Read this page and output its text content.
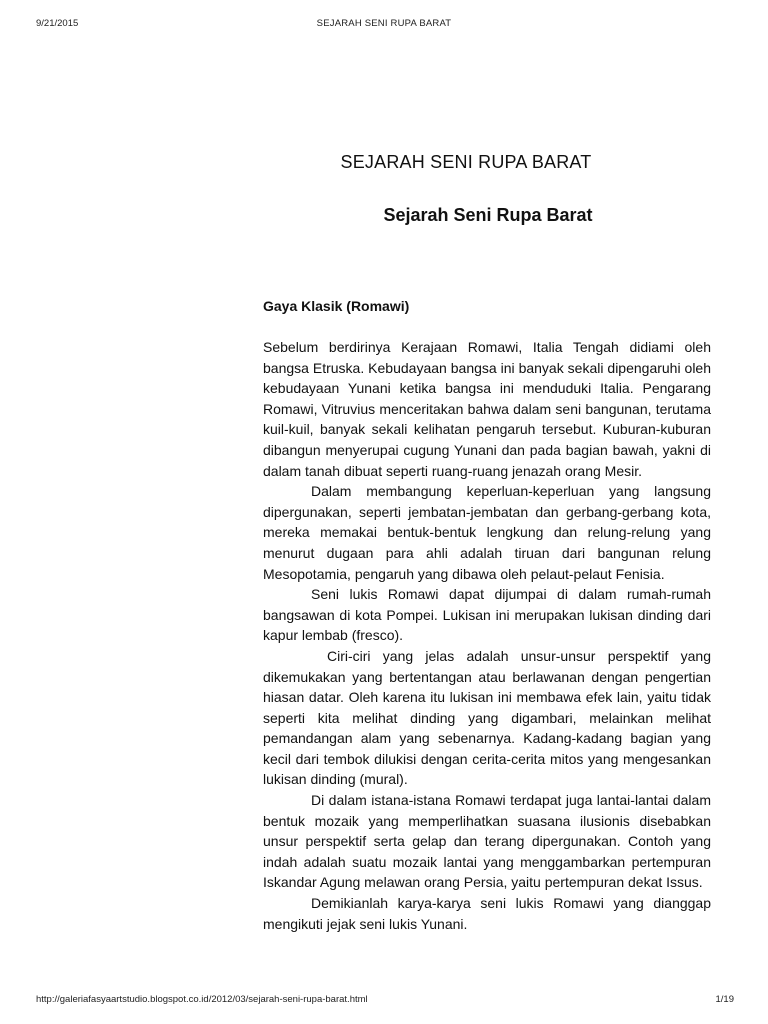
9/21/2015	SEJARAH SENI RUPA BARAT
SEJARAH SENI RUPA BARAT
Sejarah Seni Rupa Barat
Gaya Klasik (Romawi)

Sebelum berdirinya Kerajaan Romawi, Italia Tengah didiami oleh bangsa Etruska. Kebudayaan bangsa ini banyak sekali dipengaruhi oleh kebudayaan Yunani ketika bangsa ini menduduki Italia. Pengarang Romawi, Vitruvius menceritakan bahwa dalam seni bangunan, terutama kuil-kuil, banyak sekali kelihatan pengaruh tersebut. Kuburan-kuburan dibangun menyerupai cugung Yunani dan pada bagian bawah, yakni di dalam tanah dibuat seperti ruang-ruang jenazah orang Mesir.

Dalam membangung keperluan-keperluan yang langsung dipergunakan, seperti jembatan-jembatan dan gerbang-gerbang kota, mereka memakai bentuk-bentuk lengkung dan relung-relung yang menurut dugaan para ahli adalah tiruan dari bangunan relung Mesopotamia, pengaruh yang dibawa oleh pelaut-pelaut Fenisia.

Seni lukis Romawi dapat dijumpai di dalam rumah-rumah bangsawan di kota Pompei. Lukisan ini merupakan lukisan dinding dari kapur lembab (fresco).

Ciri-ciri yang jelas adalah unsur-unsur perspektif yang dikemukakan yang bertentangan atau berlawanan dengan pengertian hiasan datar. Oleh karena itu lukisan ini membawa efek lain, yaitu tidak seperti kita melihat dinding yang digambari, melainkan melihat pemandangan alam yang sebenarnya. Kadang-kadang bagian yang kecil dari tembok dilukisi dengan cerita-cerita mitos yang mengesankan lukisan dinding (mural).

Di dalam istana-istana Romawi terdapat juga lantai-lantai dalam bentuk mozaik yang memperlihatkan suasana ilusionis disebabkan unsur perspektif serta gelap dan terang dipergunakan. Contoh yang indah adalah suatu mozaik lantai yang menggambarkan pertempuran Iskandar Agung melawan orang Persia, yaitu pertempuran dekat Issus.

Demikianlah karya-karya seni lukis Romawi yang dianggap mengikuti jejak seni lukis Yunani.

http://galeriafasyaartstudio.blogspot.co.id/2012/03/sejarah-seni-rupa-barat.html	1/19
